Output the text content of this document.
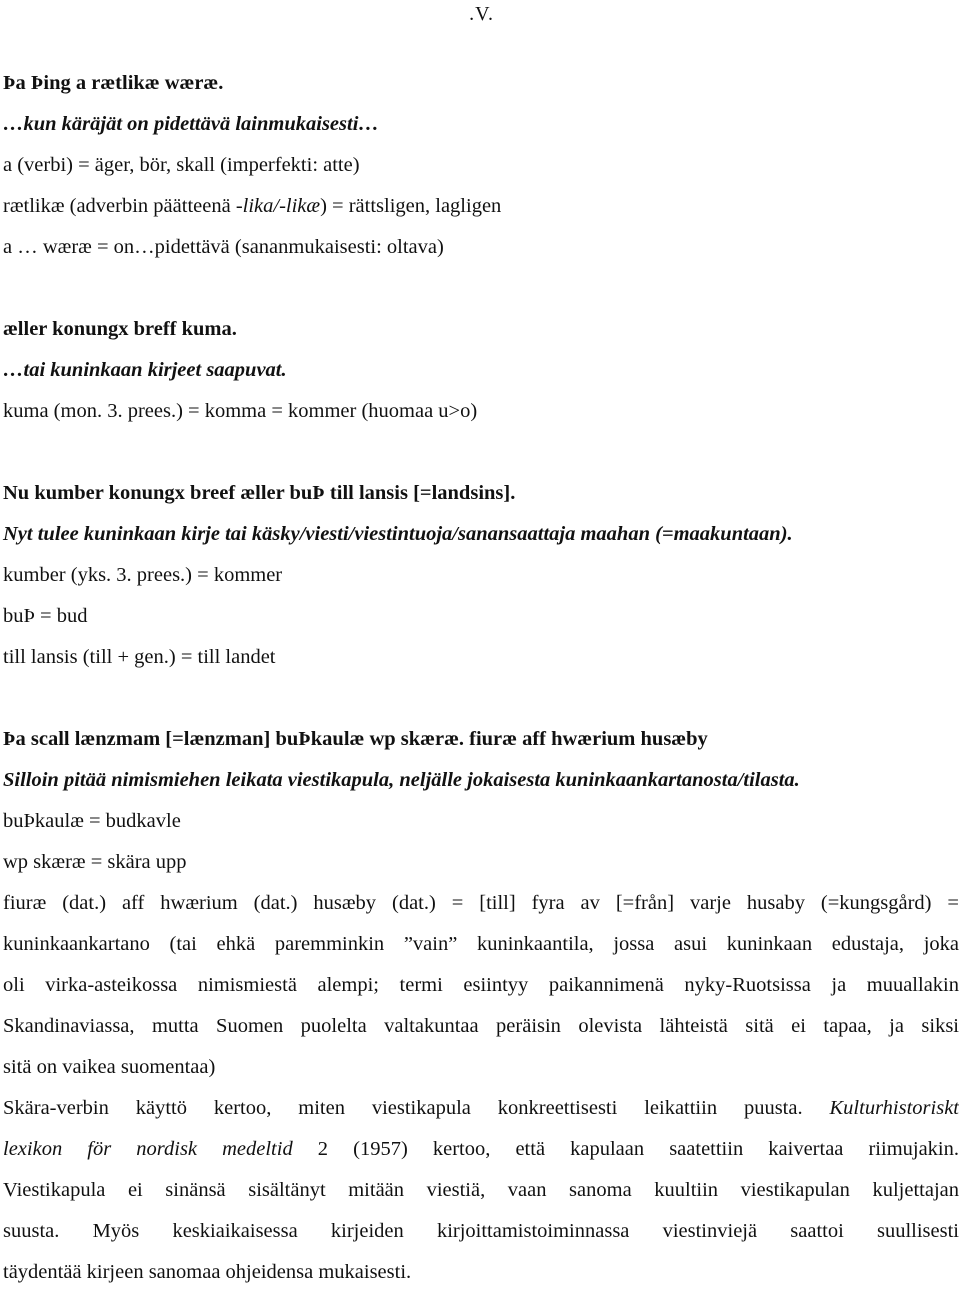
.V.
Þa Þing a rætlikæ wæræ.
…kun käräjät on pidettävä lainmukaisesti…
a (verbi) = äger, bör, skall (imperfekti: atte)
rætlikæ (adverbin päätteenä -lika/-likæ) = rättsligen, lagligen
a … wæræ = on…pidettävä (sananmukaisesti: oltava)
æller konungx breff kuma.
…tai kuninkaan kirjeet saapuvat.
kuma (mon. 3. prees.) = komma = kommer (huomaa u>o)
Nu kumber konungx breef æller buÞ till lansis [=landsins].
Nyt tulee kuninkaan kirje tai käsky/viesti/viestintuoja/sanansaattaja maahan (=maakuntaan).
kumber (yks. 3. prees.) = kommer
buÞ = bud
till lansis (till + gen.) = till landet
Þa scall lænzmam [=lænzman] buÞkaulæ wp skæræ. fiuræ aff hwærium husæby
Silloin pitää nimismiehen leikata viestikapula, neljälle jokaisesta kuninkaankartanosta/tilasta.
buÞkaulæ = budkavle
wp skæræ = skära upp
fiuræ (dat.) aff hwærium (dat.) husæby (dat.) = [till] fyra av [=från] varje husaby (=kungsgård) =
kuninkaankartano (tai ehkä paremminkin ”vain” kuninkaantila, jossa asui kuninkaan edustaja, joka
oli virka-asteikossa nimismiestä alempi; termi esiintyy paikannimenä nyky-Ruotsissa ja muuallakin
Skandinaviassa, mutta Suomen puolelta valtakuntaa peräisin olevista lähteistä sitä ei tapaa, ja siksi
sitä on vaikea suomentaa)
Skära-verbin käyttö kertoo, miten viestikapula konkreettisesti leikattiin puusta. Kulturhistoriskt
lexikon för nordisk medeltid 2 (1957) kertoo, että kapulaan saatettiin kaivertaa riimujakin.
Viestikapula ei sinänsä sisältänyt mitään viestiä, vaan sanoma kuultiin viestikapulan kuljettajan
suusta. Myös keskiaikaisessa kirjeiden kirjoittamistoiminnassa viestinviejä saattoi suullisesti
täydentää kirjeen sanomaa ohjeidensa mukaisesti.
